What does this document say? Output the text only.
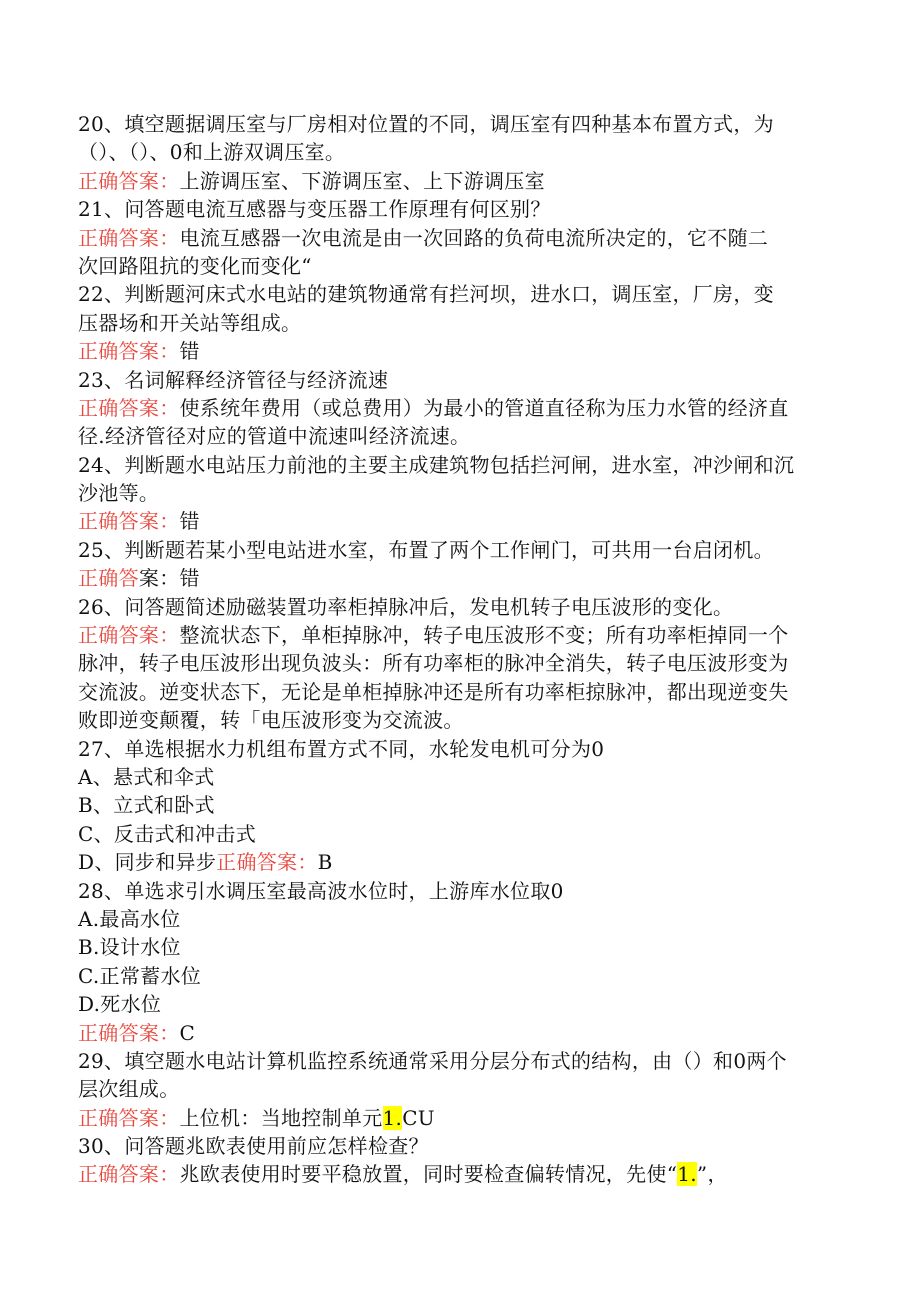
20、填空题据调压室与厂房相对位置的不同，调压室有四种基本布置方式，为
（）、（）、0和上游双调压室。
正确答案：上游调压室、下游调压室、上下游调压室
21、问答题电流互感器与变压器工作原理有何区别？
正确答案：电流互感器一次电流是由一次回路的负荷电流所决定的，它不随二
次回路阻抗的变化而变化“
22、判断题河床式水电站的建筑物通常有拦河坝，进水口，调压室，厂房，变
压器场和开关站等组成。
正确答案：错
23、名词解释经济管径与经济流速
正确答案：使系统年费用（或总费用）为最小的管道直径称为压力水管的经济直
径.经济管径对应的管道中流速叫经济流速。
24、判断题水电站压力前池的主要主成建筑物包括拦河闸，进水室，冲沙闸和沉
沙池等。
正确答案：错
25、判断题若某小型电站进水室，布置了两个工作闸门，可共用一台启闭机。
正确答案：错
26、问答题简述励磁装置功率柜掉脉冲后，发电机转子电压波形的变化。
正确答案：整流状态下，单柜掉脉冲，转子电压波形不变；所有功率柜掉同一个
脉冲，转子电压波形出现负波头：所有功率柜的脉冲全消失，转子电压波形变为
交流波。逆变状态下，无论是单柜掉脉冲还是所有功率柜掠脉冲，都出现逆变失
败即逆变颠覆，转「电压波形变为交流波。
27、单选根据水力机组布置方式不同，水轮发电机可分为0
A、悬式和伞式
B、立式和卧式
C、反击式和冲击式
D、同步和异步正确答案：B
28、单选求引水调压室最高波水位时，上游库水位取0
A.最高水位
B.设计水位
C.正常蓄水位
D.死水位
正确答案：C
29、填空题水电站计算机监控系统通常采用分层分布式的结构，由（）和0两个
层次组成。
正确答案：上位机：当地控制单元1.CU
30、问答题兆欧表使用前应怎样检查？
正确答案：兆欧表使用时要平稳放置，同时要检查偏转情况，先使“1.”，
